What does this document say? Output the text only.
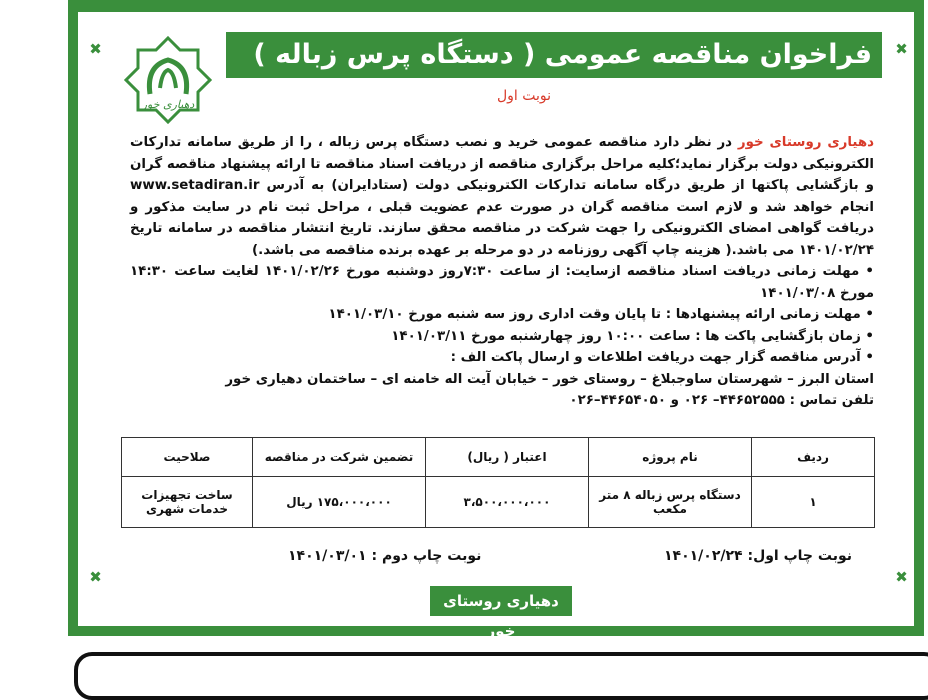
✖	✖
✖	✖
فراخوان مناقصه عمومی ( دستگاه پرس زباله )
دهیاری خور
نوبت اول

دهیاری روستای خور در نظر دارد مناقصه عمومی خرید و نصب دستگاه پرس زباله ، را از طریق سامانه تدارکات الکترونیکی دولت برگزار نماید؛کلیه مراحل برگزاری مناقصه از دریافت اسناد مناقصه تا ارائه پیشنهاد مناقصه گران و بازگشایی پاکتها از طریق درگاه سامانه تدارکات الکترونیکی دولت (ستادایران) به آدرس www.setadiran.ir انجام خواهد شد و لازم است مناقصه گران در صورت عدم عضویت قبلی ، مراحل ثبت نام در سایت مذکور و دریافت گواهی امضای الکترونیکی را جهت شرکت در مناقصه محقق سازند. تاریخ انتشار مناقصه در سامانه تاریخ ۱۴۰۱/۰۲/۲۴ می باشد.( هزینه چاپ آگهی روزنامه در دو مرحله بر عهده برنده مناقصه می باشد.)

• مهلت زمانی دریافت اسناد مناقصه ازسایت: از ساعت ۷:۳۰روز دوشنبه مورخ ۱۴۰۱/۰۲/۲۶ لغایت ساعت ۱۴:۳۰ مورخ ۱۴۰۱/۰۳/۰۸

• مهلت زمانی ارائه پیشنهادها : تا پایان وقت اداری روز سه شنبه مورخ ۱۴۰۱/۰۳/۱۰

• زمان بازگشایی پاکت ها : ساعت ۱۰:۰۰ روز چهارشنبه مورخ ۱۴۰۱/۰۳/۱۱

• آدرس مناقصه گزار جهت دریافت اطلاعات و ارسال پاکت الف :

استان البرز – شهرستان ساوجبلاغ – روستای خور – خیابان آیت اله خامنه ای – ساختمان دهیاری خور

تلفن تماس : ۴۴۶۵۲۵۵۵– ۰۲۶ و ۴۴۶۵۴۰۵۰–۰۲۶

ردیف	نام پروژه	اعتبار ( ریال)	تضمین شرکت در مناقصه	صلاحیت
۱	دستگاه پرس زباله ۸ متر مکعب	۳،۵۰۰،۰۰۰،۰۰۰	۱۷۵،۰۰۰،۰۰۰ ریال	ساخت تجهیزات خدمات شهری
نوبت چاپ اول: ۱۴۰۱/۰۲/۲۴
نوبت چاپ دوم : ۱۴۰۱/۰۳/۰۱
دهیاری روستای خور
